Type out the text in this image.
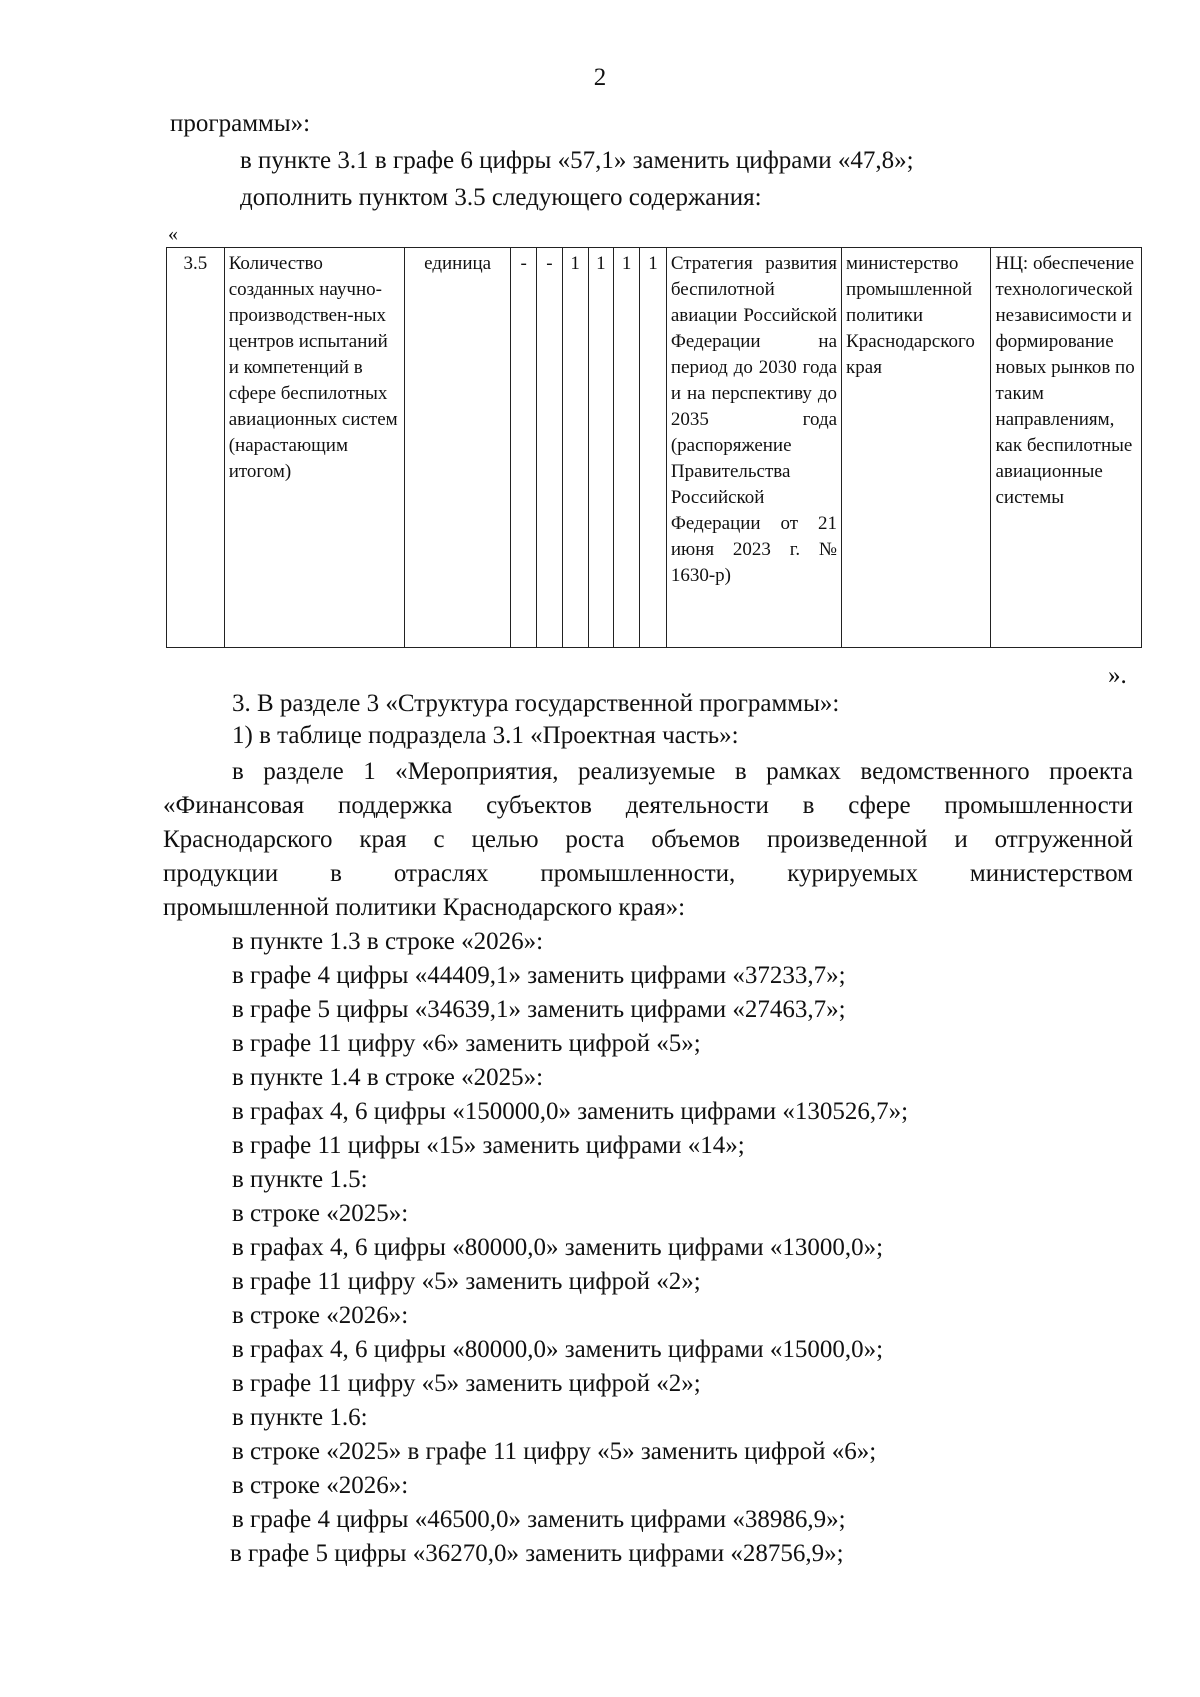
2
программы»:
в пункте 3.1 в графе 6 цифры «57,1» заменить цифрами «47,8»;
дополнить пунктом 3.5 следующего содержания:
«
3.5	Количество созданных научно-производствен-ных центров испытаний и компетенций в сфере беспилотных авиационных систем (нарастающим итогом)	единица	-	-	1	1	1	1	Стратегия развития беспилотной авиации Российской Федерации на период до 2030 года и на перспективу до 2035 года (распоряжение Правительства Российской Федерации от 21 июня 2023 г. № 1630-р)	министерство промышленной политики Краснодарского края	НЦ: обеспечение технологической независимости и формирование новых рынков по таким направлениям, как беспилотные авиационные системы
».
3. В разделе 3 «Структура государственной программы»:
1) в таблице подраздела 3.1 «Проектная часть»:
в разделе 1 «Мероприятия, реализуемые в рамках ведомственного проекта
«Финансовая поддержка субъектов деятельности в сфере промышленности
Краснодарского края с целью роста объемов произведенной и отгруженной
продукции в отраслях промышленности, курируемых министерством
промышленной политики Краснодарского края»:
в пункте 1.3 в строке «2026»:
в графе 4 цифры «44409,1» заменить цифрами «37233,7»;
в графе 5 цифры «34639,1» заменить цифрами «27463,7»;
в графе 11 цифру «6» заменить цифрой «5»;
в пункте 1.4 в строке «2025»:
в графах 4, 6 цифры «150000,0» заменить цифрами «130526,7»;
в графе 11 цифры «15» заменить цифрами «14»;
в пункте 1.5:
в строке «2025»:
в графах 4, 6 цифры «80000,0» заменить цифрами «13000,0»;
в графе 11 цифру «5» заменить цифрой «2»;
в строке «2026»:
в графах 4, 6 цифры «80000,0» заменить цифрами «15000,0»;
в графе 11 цифру «5» заменить цифрой «2»;
в пункте 1.6:
в строке «2025» в графе 11 цифру «5» заменить цифрой «6»;
в строке «2026»:
в графе 4 цифры «46500,0» заменить цифрами «38986,9»;
в графе 5 цифры «36270,0» заменить цифрами «28756,9»;
